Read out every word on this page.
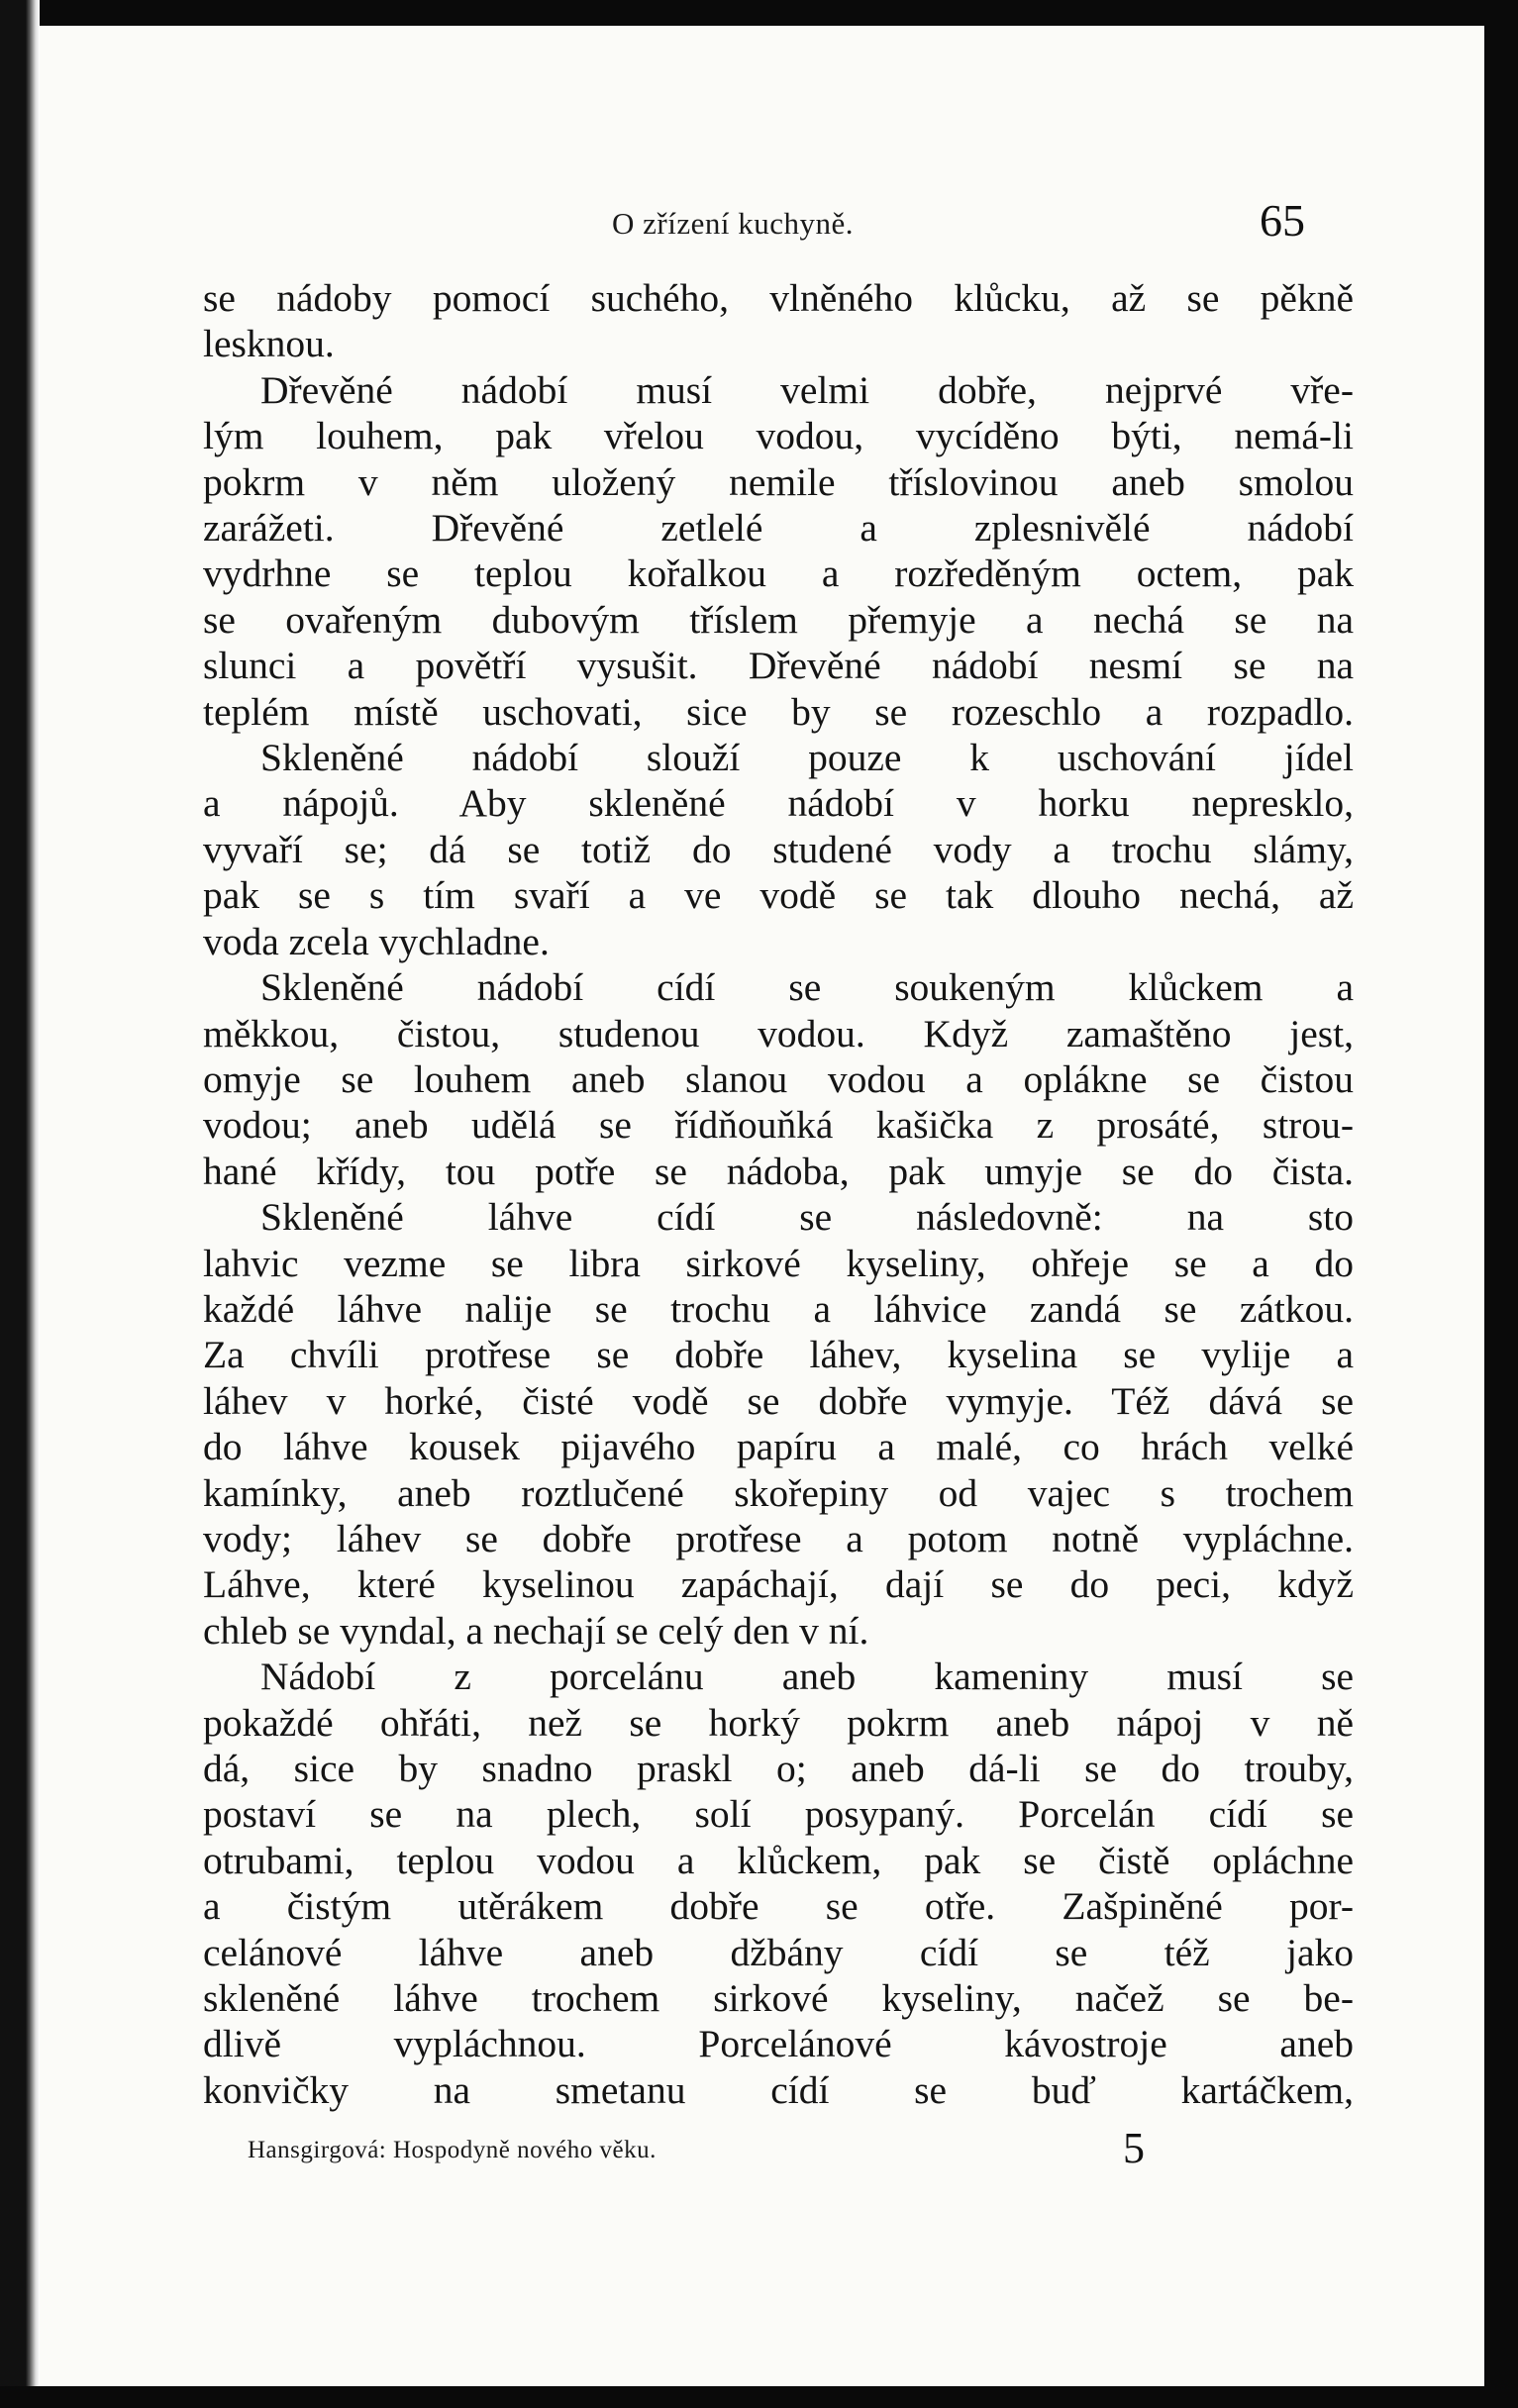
O zřízení kuchyně.	65
se nádoby pomocí suchého, vlněného klůcku, až se pěkně
lesknou.
Dřevěné nádobí musí velmi dobře, nejprvé vře-
lým louhem, pak vřelou vodou, vycíděno býti, nemá-li
pokrm v něm uložený nemile tříslovinou aneb smolou
zarážeti. Dřevěné zetlelé a zplesnivělé nádobí
vydrhne se teplou kořalkou a rozředěným octem, pak
se ovařeným dubovým tříslem přemyje a nechá se na
slunci a povětří vysušit. Dřevěné nádobí nesmí se na
teplém místě uschovati, sice by se rozeschlo a rozpadlo.
Skleněné nádobí slouží pouze k uschování jídel
a nápojů. Aby skleněné nádobí v horku nepresklo,
vyvaří se; dá se totiž do studené vody a trochu slámy,
pak se s tím svaří a ve vodě se tak dlouho nechá, až
voda zcela vychladne.
Skleněné nádobí cídí se soukeným klůckem a
měkkou, čistou, studenou vodou. Když zamaštěno jest,
omyje se louhem aneb slanou vodou a opláknе se čistou
vodou; aneb udělá se řídňouňká kašička z prosáté, strou-
hané křídy, tou potře se nádoba, pak umyje se do čista.
Skleněné láhve cídí se následovně: na sto
lahvic vezme se libra sirkové kyseliny, ohřeje se a do
každé láhve nalije se trochu a láhvice zandá se zátkou.
Za chvíli protřese se dobře láhev, kyselina se vylije a
láhev v horké, čisté vodě se dobře vymyje. Též dává se
do láhve kousek pijavého papíru a malé, co hrách velké
kamínky, aneb roztlučené skořepiny od vajec s trochem
vody; láhev se dobře protřese a potom notně vypláchne.
Láhve, které kyselinou zapáchají, dají se do peci, když
chleb se vyndal, a nechají se celý den v ní.
Nádobí z porcelánu aneb kameniny musí se
pokaždé ohřáti, než se horký pokrm aneb nápoj v ně
dá, sice by snadno praskl o; aneb dá-li se do trouby,
postaví se na plech, solí posypaný. Porcelán cídí se
otrubami, teplou vodou a klůckem, pak se čistě opláchne
a čistým utěrákem dobře se otře. Zašpiněné por-
celánové láhve aneb džbány cídí se též jako
skleněné láhve trochem sirkové kyseliny, načež se be-
dlivě vypláchnou. Porcelánové kávostroje aneb
konvičky na smetanu cídí se buď kartáčkem,
Hansgirgová: Hospodyně nového věku.	5
